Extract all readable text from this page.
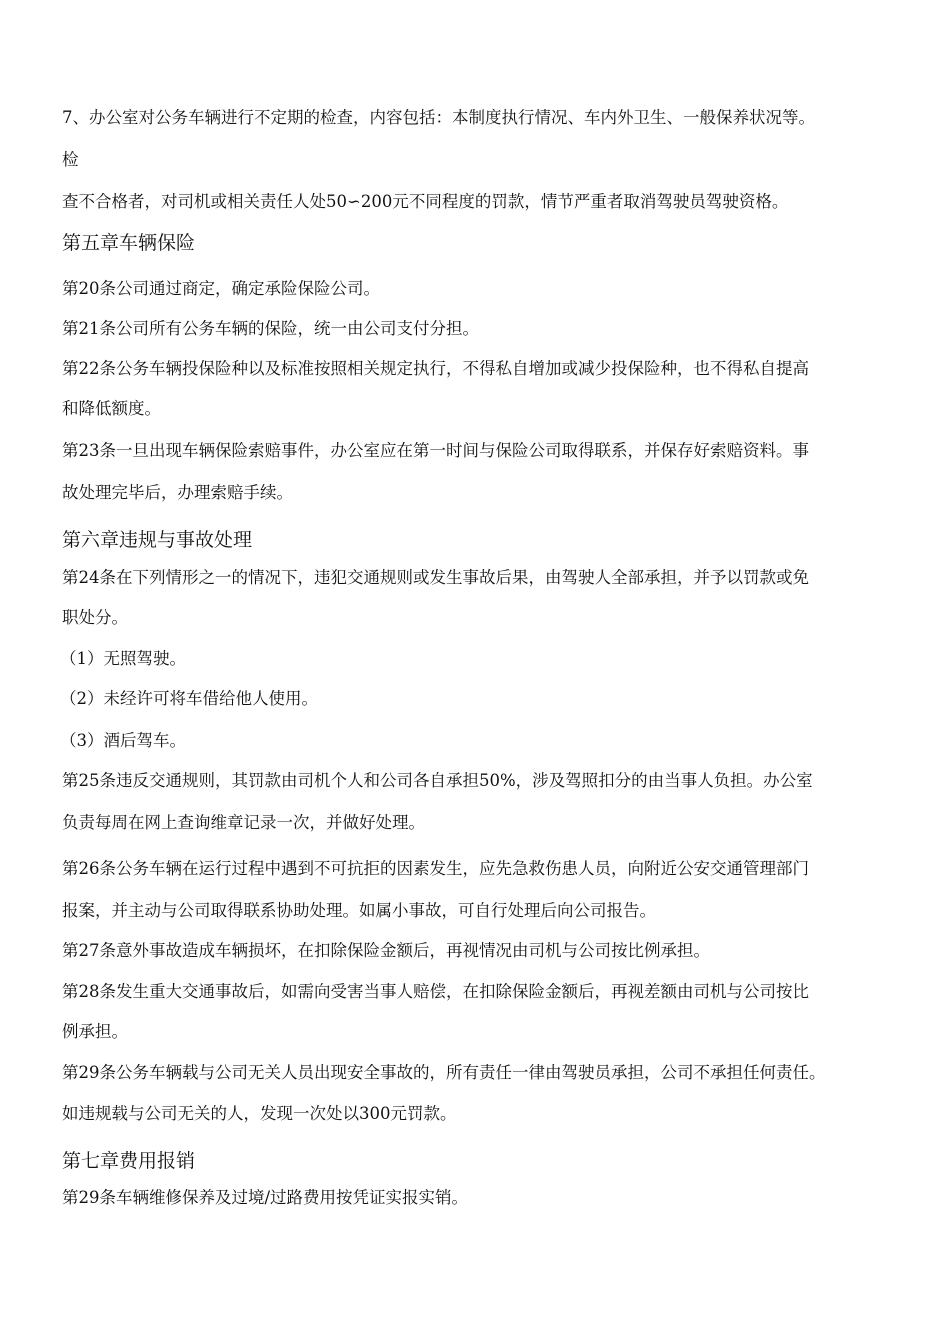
7、办公室对公务车辆进行不定期的检查，内容包括：本制度执行情况、车内外卫生、一般保养状况等。
检
查不合格者，对司机或相关责任人处50∽200元不同程度的罚款，情节严重者取消驾驶员驾驶资格。
第五章车辆保险
第20条公司通过商定，确定承险保险公司。
第21条公司所有公务车辆的保险，统一由公司支付分担。
第22条公务车辆投保险种以及标准按照相关规定执行，不得私自增加或减少投保险种，也不得私自提高
和降低额度。
第23条一旦出现车辆保险索赔事件，办公室应在第一时间与保险公司取得联系，并保存好索赔资料。事
故处理完毕后，办理索赔手续。
第六章违规与事故处理
第24条在下列情形之一的情况下，违犯交通规则或发生事故后果，由驾驶人全部承担，并予以罚款或免
职处分。
（1）无照驾驶。
（2）未经许可将车借给他人使用。
（3）酒后驾车。
第25条违反交通规则，其罚款由司机个人和公司各自承担50%，涉及驾照扣分的由当事人负担。办公室
负责每周在网上查询维章记录一次，并做好处理。
第26条公务车辆在运行过程中遇到不可抗拒的因素发生，应先急救伤患人员，向附近公安交通管理部门
报案，并主动与公司取得联系协助处理。如属小事故，可自行处理后向公司报告。
第27条意外事故造成车辆损坏，在扣除保险金额后，再视情况由司机与公司按比例承担。
第28条发生重大交通事故后，如需向受害当事人赔偿，在扣除保险金额后，再视差额由司机与公司按比
例承担。
第29条公务车辆载与公司无关人员出现安全事故的，所有责任一律由驾驶员承担，公司不承担任何责任。
如违规载与公司无关的人，发现一次处以300元罚款。
第七章费用报销
第29条车辆维修保养及过境/过路费用按凭证实报实销。
